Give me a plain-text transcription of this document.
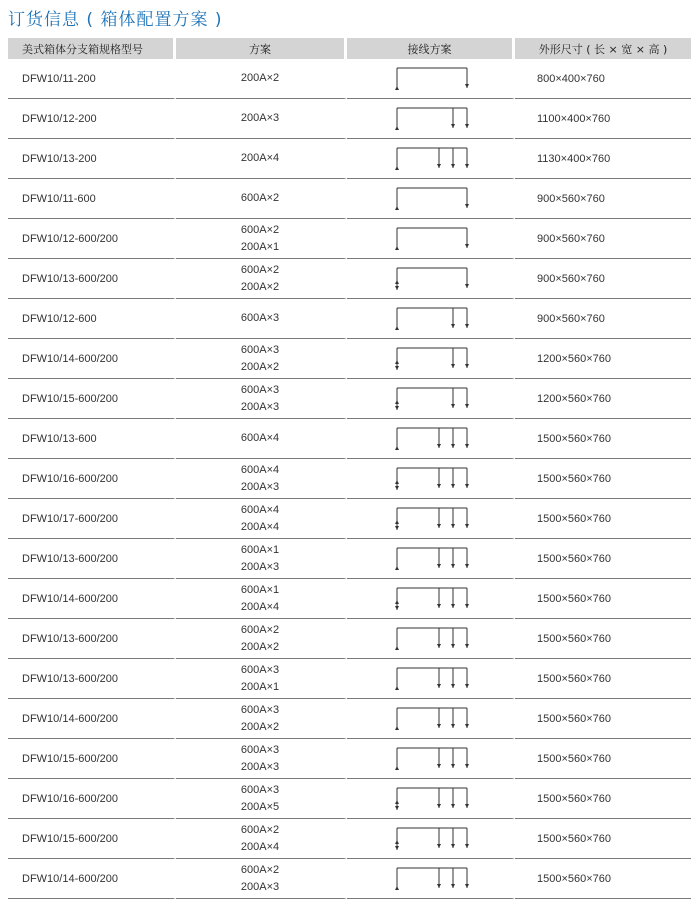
订货信息 ( 箱体配置方案 )
美式箱体分支箱规格型号	方案	接线方案	外形尺寸 ( 长 × 宽 × 高 )
DFW10/11-200	200A×2		800×400×760
DFW10/12-200	200A×3		1100×400×760
DFW10/13-200	200A×4		1130×400×760
DFW10/11-600	600A×2		900×560×760
DFW10/12-600/200	600A×2
200A×1		900×560×760
DFW10/13-600/200	600A×2
200A×2		900×560×760
DFW10/12-600	600A×3		900×560×760
DFW10/14-600/200	600A×3
200A×2		1200×560×760
DFW10/15-600/200	600A×3
200A×3		1200×560×760
DFW10/13-600	600A×4		1500×560×760
DFW10/16-600/200	600A×4
200A×3		1500×560×760
DFW10/17-600/200	600A×4
200A×4		1500×560×760
DFW10/13-600/200	600A×1
200A×3		1500×560×760
DFW10/14-600/200	600A×1
200A×4		1500×560×760
DFW10/13-600/200	600A×2
200A×2		1500×560×760
DFW10/13-600/200	600A×3
200A×1		1500×560×760
DFW10/14-600/200	600A×3
200A×2		1500×560×760
DFW10/15-600/200	600A×3
200A×3		1500×560×760
DFW10/16-600/200	600A×3
200A×5		1500×560×760
DFW10/15-600/200	600A×2
200A×4		1500×560×760
DFW10/14-600/200	600A×2
200A×3		1500×560×760
